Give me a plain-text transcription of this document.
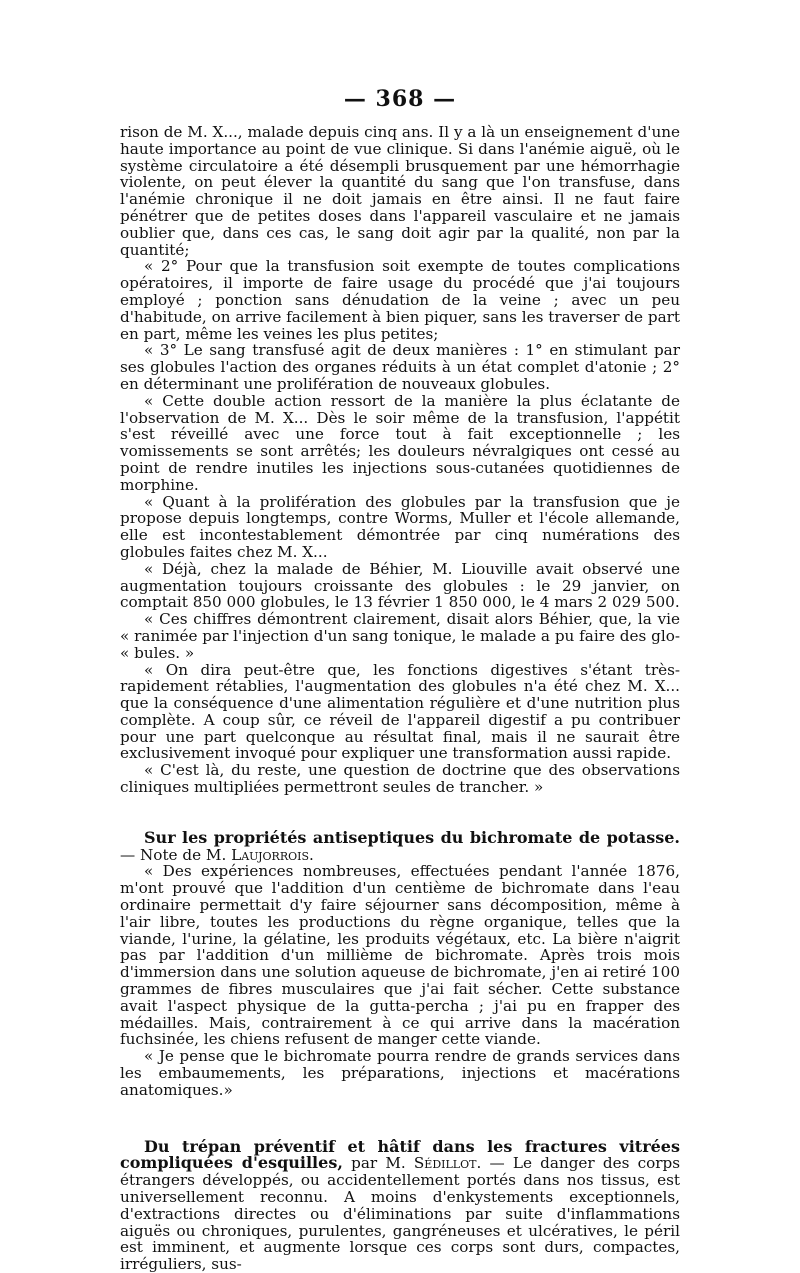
— 368 —

rison de M. X..., malade depuis cinq ans. Il y a là un enseignement d'une haute importance au point de vue clinique. Si dans l'anémie aiguë, où le système circulatoire a été désempli brusquement par une hémorrhagie violente, on peut élever la quantité du sang que l'on transfuse, dans l'anémie chronique il ne doit jamais en être ainsi. Il ne faut faire pénétrer que de petites doses dans l'appareil vasculaire et ne jamais oublier que, dans ces cas, le sang doit agir par la qualité, non par la quantité;

« 2° Pour que la transfusion soit exempte de toutes complications opératoires, il importe de faire usage du procédé que j'ai toujours employé ; ponction sans dénudation de la veine ; avec un peu d'habitude, on arrive facilement à bien piquer, sans les traverser de part en part, même les veines les plus petites;

« 3° Le sang transfusé agit de deux manières : 1° en stimulant par ses globules l'action des organes réduits à un état complet d'atonie ; 2° en déterminant une prolifération de nouveaux globules.

« Cette double action ressort de la manière la plus éclatante de l'observation de M. X... Dès le soir même de la transfusion, l'appétit s'est réveillé avec une force tout à fait exceptionnelle ; les vomissements se sont arrêtés; les douleurs névralgiques ont cessé au point de rendre inutiles les injections sous-cutanées quotidiennes de morphine.

« Quant à la prolifération des globules par la transfusion que je propose depuis longtemps, contre Worms, Muller et l'école allemande, elle est incontestablement démontrée par cinq numérations des globules faites chez M. X...

« Déjà, chez la malade de Béhier, M. Liouville avait observé une augmentation toujours croissante des globules : le 29 janvier, on comptait 850 000 globules, le 13 février 1 850 000, le 4 mars 2 029 500.

« Ces chiffres démontrent clairement, disait alors Béhier, que, la vie « ranimée par l'injection d'un sang tonique, le malade a pu faire des glo- « bules. »

« On dira peut-être que, les fonctions digestives s'étant très-rapidement rétablies, l'augmentation des globules n'a été chez M. X... que la conséquence d'une alimentation régulière et d'une nutrition plus complète. A coup sûr, ce réveil de l'appareil digestif a pu contribuer pour une part quelconque au résultat final, mais il ne saurait être exclusivement invoqué pour expliquer une transformation aussi rapide.

« C'est là, du reste, une question de doctrine que des observations cliniques multipliées permettront seules de trancher. »

Sur les propriétés antiseptiques du bichromate de potasse. — Note de M. Laujorrois.

« Des expériences nombreuses, effectuées pendant l'année 1876, m'ont prouvé que l'addition d'un centième de bichromate dans l'eau ordinaire permettait d'y faire séjourner sans décomposition, même à l'air libre, toutes les productions du règne organique, telles que la viande, l'urine, la gélatine, les produits végétaux, etc. La bière n'aigrit pas par l'addition d'un millième de bichromate. Après trois mois d'immersion dans une solution aqueuse de bichromate, j'en ai retiré 100 grammes de fibres musculaires que j'ai fait sécher. Cette substance avait l'aspect physique de la gutta-percha ; j'ai pu en frapper des médailles. Mais, contrairement à ce qui arrive dans la macération fuchsinée, les chiens refusent de manger cette viande.

« Je pense que le bichromate pourra rendre de grands services dans les embaumements, les préparations, injections et macérations anatomiques.»

Du trépan préventif et hâtif dans les fractures vitrées compliquées d'esquilles, par M. Sédillot. — Le danger des corps étrangers développés, ou accidentellement portés dans nos tissus, est universellement reconnu. A moins d'enkystements exceptionnels, d'extractions directes ou d'éliminations par suite d'inflammations aiguës ou chroniques, purulentes, gangréneuses et ulcératives, le péril est imminent, et augmente lorsque ces corps sont durs, compactes, irréguliers, sus-
